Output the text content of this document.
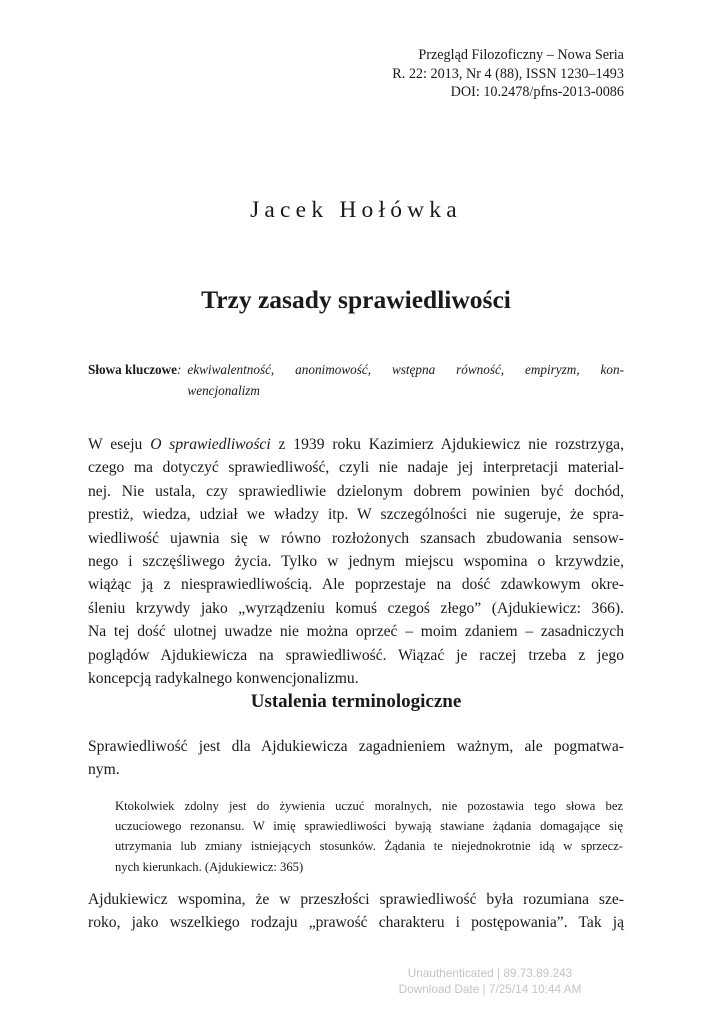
Przegląd Filozoficzny – Nowa Seria
R. 22: 2013, Nr 4 (88), ISSN 1230–1493
DOI: 10.2478/pfns-2013-0086
Jacek Hołówka
Trzy zasady sprawiedliwości
Słowa kluczowe: ekwiwalentność, anonimowość, wstępna równość, empiryzm, kon-
wencjonalizm

W eseju O sprawiedliwości z 1939 roku Kazimierz Ajdukiewicz nie rozstrzyga,
czego ma dotyczyć sprawiedliwość, czyli nie nadaje jej interpretacji material-
nej. Nie ustala, czy sprawiedliwie dzielonym dobrem powinien być dochód,
prestiż, wiedza, udział we władzy itp. W szczególności nie sugeruje, że spra-
wiedliwość ujawnia się w równo rozłożonych szansach zbudowania sensow-
nego i szczęśliwego życia. Tylko w jednym miejscu wspomina o krzywdzie,
wiążąc ją z niesprawiedliwością. Ale poprzestaje na dość zdawkowym okre-
śleniu krzywdy jako „wyrządzeniu komuś czegoś złego” (Ajdukiewicz: 366).
Na tej dość ulotnej uwadze nie można oprzeć – moim zdaniem – zasadniczych
poglądów Ajdukiewicza na sprawiedliwość. Wiązać je raczej trzeba z jego
koncepcją radykalnego konwencjonalizmu.

Ustalenia terminologiczne

Sprawiedliwość jest dla Ajdukiewicza zagadnieniem ważnym, ale pogmatwa-
nym.

Ktokolwiek zdolny jest do żywienia uczuć moralnych, nie pozostawia tego słowa bez
uczuciowego rezonansu. W imię sprawiedliwości bywają stawiane żądania domagające się
utrzymania lub zmiany istniejących stosunków. Żądania te niejednokrotnie idą w sprzecz-
nych kierunkach. (Ajdukiewicz: 365)

Ajdukiewicz wspomina, że w przeszłości sprawiedliwość była rozumiana sze-
roko, jako wszelkiego rodzaju „prawość charakteru i postępowania”. Tak ją

Unauthenticated | 89.73.89.243
Download Date | 7/25/14 10:44 AM
